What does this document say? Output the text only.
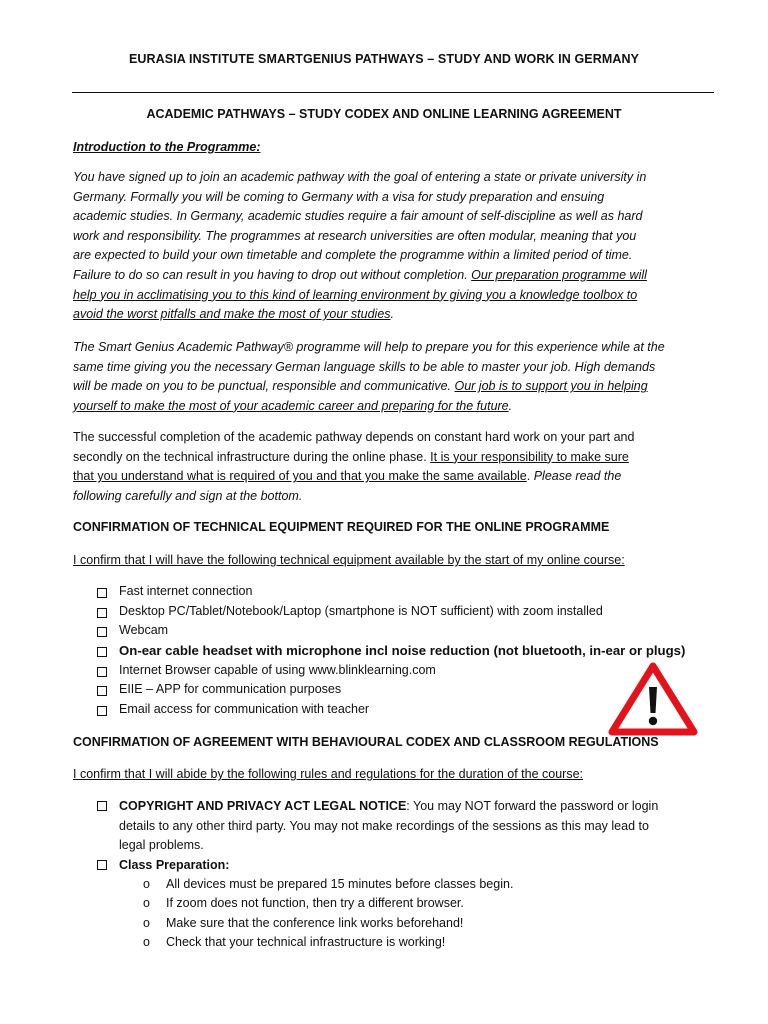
EURASIA INSTITUTE SMARTGENIUS PATHWAYS – STUDY AND WORK IN GERMANY
ACADEMIC PATHWAYS – STUDY CODEX AND ONLINE LEARNING AGREEMENT
Introduction to the Programme:
You have signed up to join an academic pathway with the goal of entering a state or private university in
Germany. Formally you will be coming to Germany with a visa for study preparation and ensuing
academic studies. In Germany, academic studies require a fair amount of self-discipline as well as hard
work and responsibility. The programmes at research universities are often modular, meaning that you
are expected to build your own timetable and complete the programme within a limited period of time.
Failure to do so can result in you having to drop out without completion. Our preparation programme will
help you in acclimatising you to this kind of learning environment by giving you a knowledge toolbox to
avoid the worst pitfalls and make the most of your studies.
The Smart Genius Academic Pathway® programme will help to prepare you for this experience while at the
same time giving you the necessary German language skills to be able to master your job. High demands
will be made on you to be punctual, responsible and communicative. Our job is to support you in helping
yourself to make the most of your academic career and preparing for the future.
The successful completion of the academic pathway depends on constant hard work on your part and
secondly on the technical infrastructure during the online phase. It is your responsibility to make sure
that you understand what is required of you and that you make the same available. Please read the
following carefully and sign at the bottom.
CONFIRMATION OF TECHNICAL EQUIPMENT REQUIRED FOR THE ONLINE PROGRAMME
I confirm that I will have the following technical equipment available by the start of my online course:
Fast internet connection
Desktop PC/Tablet/Notebook/Laptop (smartphone is NOT sufficient) with zoom installed
Webcam
On-ear cable headset with microphone incl noise reduction (not bluetooth, in-ear or plugs)
Internet Browser capable of using www.blinklearning.com
EIIE – APP for communication purposes
Email access for communication with teacher
CONFIRMATION OF AGREEMENT WITH BEHAVIOURAL CODEX AND CLASSROOM REGULATIONS
I confirm that I will abide by the following rules and regulations for the duration of the course:
COPYRIGHT AND PRIVACY ACT LEGAL NOTICE: You may NOT forward the password or login
details to any other third party. You may not make recordings of the sessions as this may lead to
legal problems.
Class Preparation:
o All devices must be prepared 15 minutes before classes begin.
o If zoom does not function, then try a different browser.
o Make sure that the conference link works beforehand!
o Check that your technical infrastructure is working!
